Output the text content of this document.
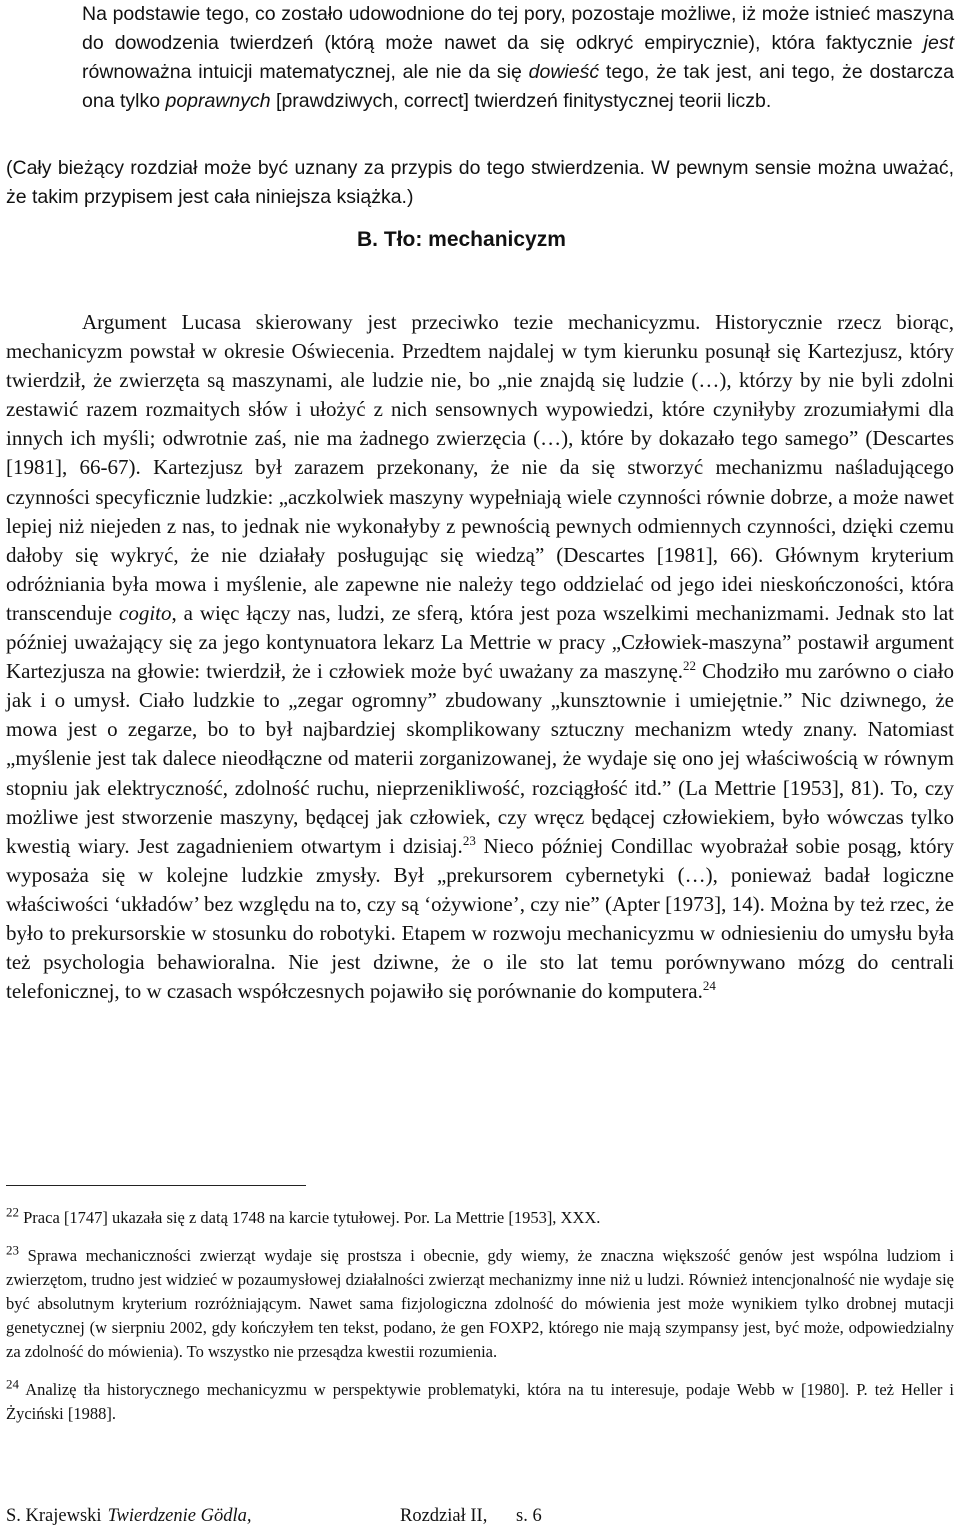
Na podstawie tego, co zostało udowodnione do tej pory, pozostaje możliwe, iż może istnieć maszyna do dowodzenia twierdzeń (którą może nawet da się odkryć empirycznie), która faktycznie jest równoważna intuicji matematycznej, ale nie da się dowieść tego, że tak jest, ani tego, że dostarcza ona tylko poprawnych [prawdziwych, correct] twierdzeń finitystycznej teorii liczb.
(Cały bieżący rozdział może być uznany za przypis do tego stwierdzenia. W pewnym sensie można uważać, że takim przypisem jest cała niniejsza książka.)
B. Tło: mechanicyzm

Argument Lucasa skierowany jest przeciwko tezie mechanicyzmu. Historycznie rzecz biorąc, mechanicyzm powstał w okresie Oświecenia. Przedtem najdalej w tym kierunku posunął się Kartezjusz, który twierdził, że zwierzęta są maszynami, ale ludzie nie, bo „nie znajdą się ludzie (…), którzy by nie byli zdolni zestawić razem rozmaitych słów i ułożyć z nich sensownych wypowiedzi, które czyniłyby zrozumiałymi dla innych ich myśli; odwrotnie zaś, nie ma żadnego zwierzęcia (…), które by dokazało tego samego” (Descartes [1981], 66-67). Kartezjusz był zarazem przekonany, że nie da się stworzyć mechanizmu naśladującego czynności specyficznie ludzkie: „aczkolwiek maszyny wypełniają wiele czynności równie dobrze, a może nawet lepiej niż niejeden z nas, to jednak nie wykonałyby z pewnością pewnych odmiennych czynności, dzięki czemu dałoby się wykryć, że nie działały posługując się wiedzą” (Descartes [1981], 66). Głównym kryterium odróżniania była mowa i myślenie, ale zapewne nie należy tego oddzielać od jego idei nieskończoności, która transcenduje cogito, a więc łączy nas, ludzi, ze sferą, która jest poza wszelkimi mechanizmami. Jednak sto lat później uważający się za jego kontynuatora lekarz La Mettrie w pracy „Człowiek-maszyna” postawił argument Kartezjusza na głowie: twierdził, że i człowiek może być uważany za maszynę.$^{22}$ Chodziło mu zarówno o ciało jak i o umysł. Ciało ludzkie to „zegar ogromny” zbudowany „kunsztownie i umiejętnie.” Nic dziwnego, że mowa jest o zegarze, bo to był najbardziej skomplikowany sztuczny mechanizm wtedy znany. Natomiast „myślenie jest tak dalece nieodłączne od materii zorganizowanej, że wydaje się ono jej właściwością w równym stopniu jak elektryczność, zdolność ruchu, nieprzenikliwość, rozciągłość itd.” (La Mettrie [1953], 81). To, czy możliwe jest stworzenie maszyny, będącej jak człowiek, czy wręcz będącej człowiekiem, było wówczas tylko kwestią wiary. Jest zagadnieniem otwartym i dzisiaj.$^{23}$ Nieco później Condillac wyobrażał sobie posąg, który wyposaża się w kolejne ludzkie zmysły. Był „prekursorem cybernetyki (…), ponieważ badał logiczne właściwości ‘układów’ bez względu na to, czy są ‘ożywione’, czy nie” (Apter [1973], 14). Można by też rzec, że było to prekursorskie w stosunku do robotyki. Etapem w rozwoju mechanicyzmu w odniesieniu do umysłu była też psychologia behawioralna. Nie jest dziwne, że o ile sto lat temu porównywano mózg do centrali telefonicznej, to w czasach współczesnych pojawiło się porównanie do komputera.$^{24}$

$^{22}$ Praca [1747] ukazała się z datą 1748 na karcie tytułowej. Por. La Mettrie [1953], XXX.

$^{23}$ Sprawa mechaniczności zwierząt wydaje się prostsza i obecnie, gdy wiemy, że znaczna większość genów jest wspólna ludziom i zwierzętom, trudno jest widzieć w pozaumysłowej działalności zwierząt mechanizmy inne niż u ludzi. Również intencjonalność nie wydaje się być absolutnym kryterium rozróżniającym. Nawet sama fizjologiczna zdolność do mówienia jest może wynikiem tylko drobnej mutacji genetycznej (w sierpniu 2002, gdy kończyłem ten tekst, podano, że gen FOXP2, którego nie mają szympansy jest, być może, odpowiedzialny za zdolność do mówienia). To wszystko nie przesądza kwestii rozumienia.

$^{24}$ Analizę tła historycznego mechanicyzmu w perspektywie problematyki, która na tu interesuje, podaje Webb w [1980]. P. też Heller i Życiński [1988].

S. Krajewski Twierdzenie Gödla,	Rozdział II, s. 6
